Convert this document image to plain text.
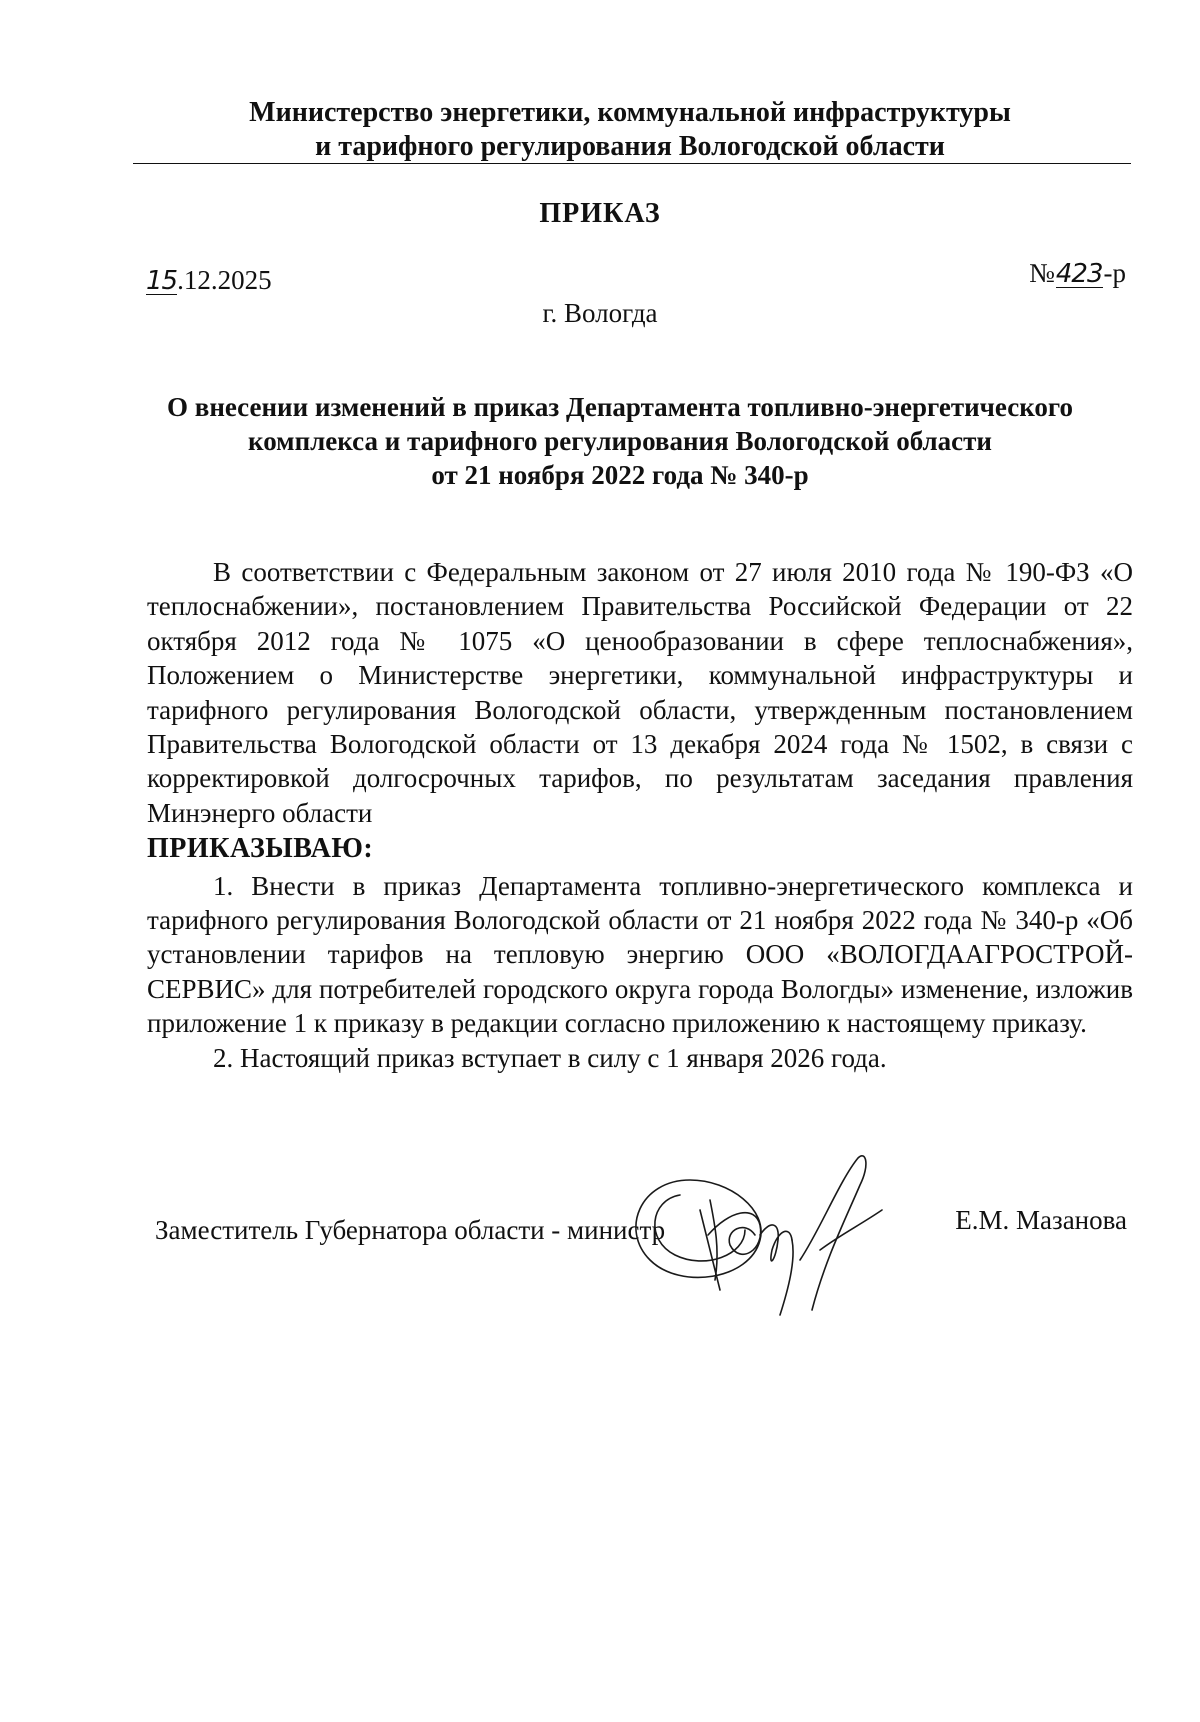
Министерство энергетики, коммунальной инфраструктуры
и тарифного регулирования Вологодской области
ПРИКАЗ
15.12.2025	№423-р
г. Вологда
О внесении изменений в приказ Департамента топливно-энергетического
комплекса и тарифного регулирования Вологодской области
от 21 ноября 2022 года № 340-р

В соответствии с Федеральным законом от 27 июля 2010 года № 190-ФЗ «О теплоснабжении», постановлением Правительства Российской Федерации от 22 октября 2012 года № 1075 «О ценообразовании в сфере теплоснабжения», Положением о Министерстве энергетики, коммунальной инфраструктуры и тарифного регулирования Вологодской области, утвержденным постановлением Правительства Вологодской области от 13 декабря 2024 года № 1502, в связи с корректировкой долгосрочных тарифов, по результатам заседания правления Минэнерго области

ПРИКАЗЫВАЮ:

1. Внести в приказ Департамента топливно-энергетического комплекса и тарифного регулирования Вологодской области от 21 ноября 2022 года № 340-р «Об установлении тарифов на тепловую энергию ООО «ВОЛОГДААГРОСТРОЙ-СЕРВИС» для потребителей городского округа города Вологды» изменение, изложив приложение 1 к приказу в редакции согласно приложению к настоящему приказу.

2. Настоящий приказ вступает в силу с 1 января 2026 года.

Заместитель Губернатора области - министр	Е.М. Мазанова
